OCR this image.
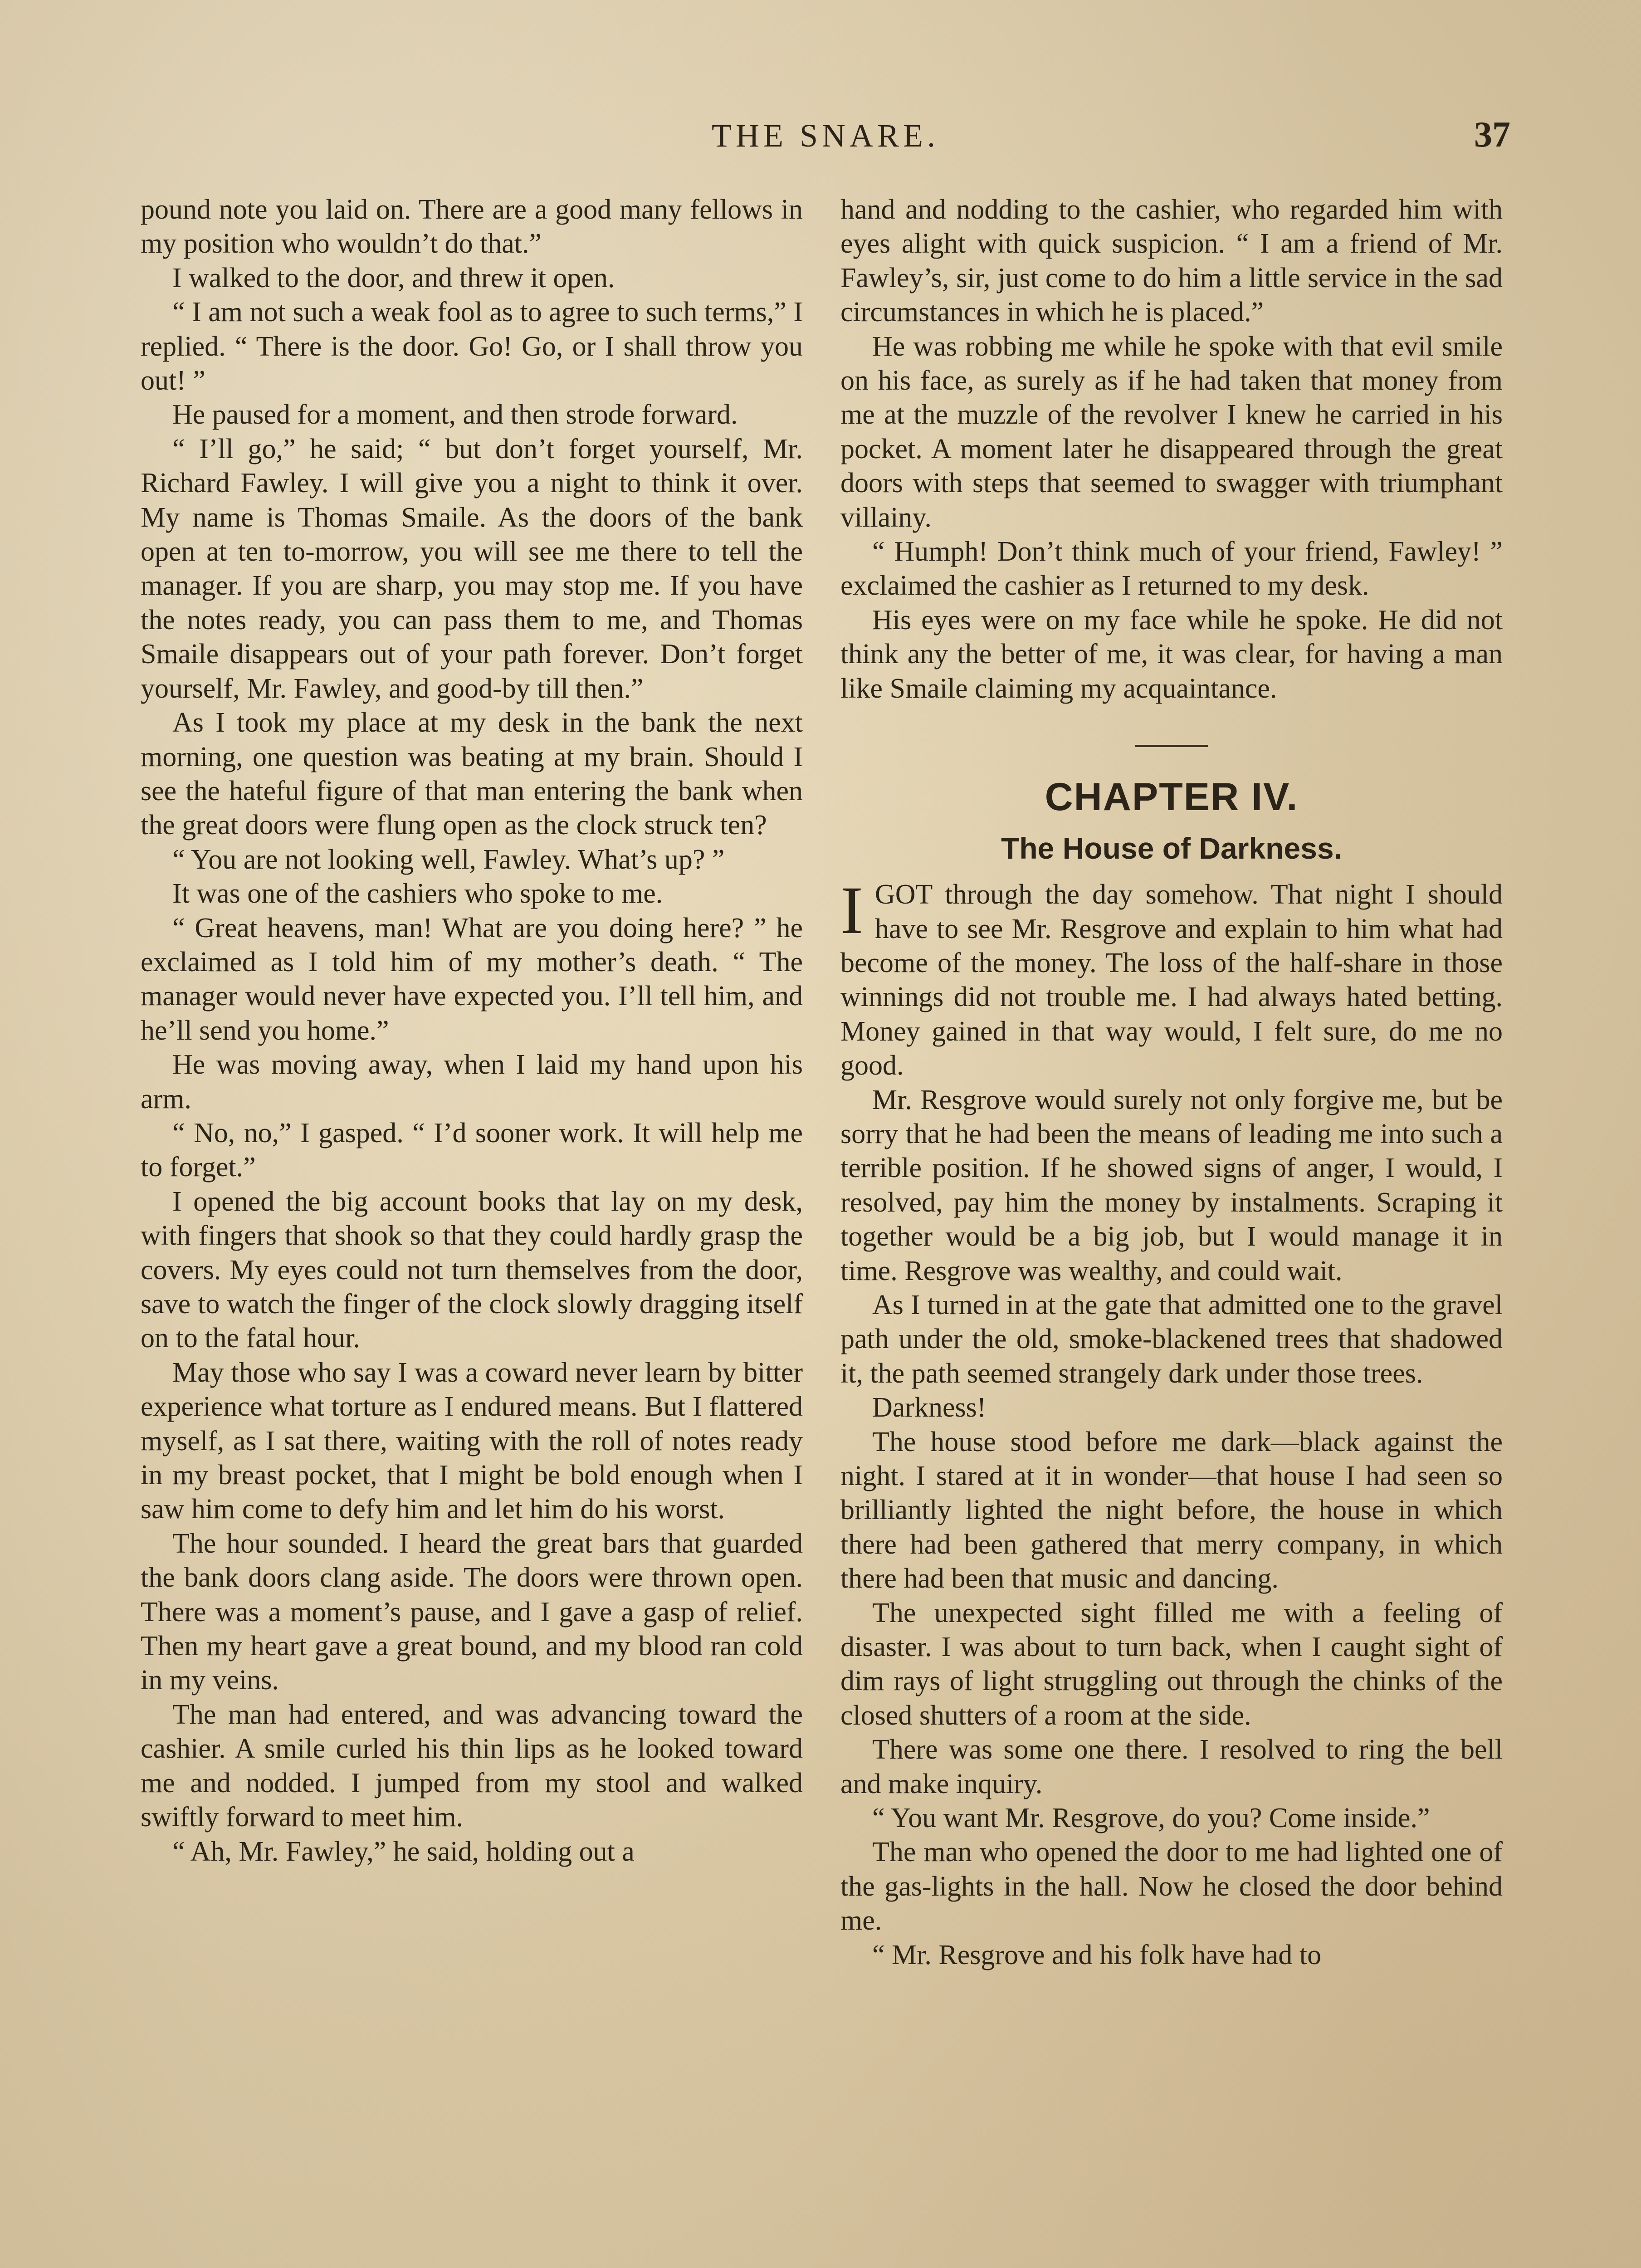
THE SNARE.	37

pound note you laid on. There are a good many fellows in my position who wouldn’t do that.”

I walked to the door, and threw it open.

“ I am not such a weak fool as to agree to such terms,” I replied. “ There is the door. Go! Go, or I shall throw you out! ”

He paused for a moment, and then strode forward.

“ I’ll go,” he said; “ but don’t forget yourself, Mr. Richard Fawley. I will give you a night to think it over. My name is Thomas Smaile. As the doors of the bank open at ten to-morrow, you will see me there to tell the manager. If you are sharp, you may stop me. If you have the notes ready, you can pass them to me, and Thomas Smaile disappears out of your path forever. Don’t forget yourself, Mr. Fawley, and good-by till then.”

As I took my place at my desk in the bank the next morning, one question was beating at my brain. Should I see the hateful figure of that man entering the bank when the great doors were flung open as the clock struck ten?

“ You are not looking well, Fawley. What’s up? ”

It was one of the cashiers who spoke to me.

“ Great heavens, man! What are you doing here? ” he exclaimed as I told him of my mother’s death. “ The manager would never have expected you. I’ll tell him, and he’ll send you home.”

He was moving away, when I laid my hand upon his arm.

“ No, no,” I gasped. “ I’d sooner work. It will help me to forget.”

I opened the big account books that lay on my desk, with fingers that shook so that they could hardly grasp the covers. My eyes could not turn themselves from the door, save to watch the finger of the clock slowly dragging itself on to the fatal hour.

May those who say I was a coward never learn by bitter experience what torture as I endured means. But I flattered myself, as I sat there, waiting with the roll of notes ready in my breast pocket, that I might be bold enough when I saw him come to defy him and let him do his worst.

The hour sounded. I heard the great bars that guarded the bank doors clang aside. The doors were thrown open. There was a moment’s pause, and I gave a gasp of relief. Then my heart gave a great bound, and my blood ran cold in my veins.

The man had entered, and was advancing toward the cashier. A smile curled his thin lips as he looked toward me and nodded. I jumped from my stool and walked swiftly forward to meet him.

“ Ah, Mr. Fawley,” he said, holding out a

hand and nodding to the cashier, who regarded him with eyes alight with quick suspicion. “ I am a friend of Mr. Fawley’s, sir, just come to do him a little service in the sad circumstances in which he is placed.”

He was robbing me while he spoke with that evil smile on his face, as surely as if he had taken that money from me at the muzzle of the revolver I knew he carried in his pocket. A moment later he disappeared through the great doors with steps that seemed to swagger with triumphant villainy.

“ Humph! Don’t think much of your friend, Fawley! ” exclaimed the cashier as I returned to my desk.

His eyes were on my face while he spoke. He did not think any the better of me, it was clear, for having a man like Smaile claiming my acquaintance.

CHAPTER IV.
The House of Darkness.

IGOT through the day somehow. That night I should have to see Mr. Resgrove and explain to him what had become of the money. The loss of the half-share in those winnings did not trouble me. I had always hated betting. Money gained in that way would, I felt sure, do me no good.

Mr. Resgrove would surely not only forgive me, but be sorry that he had been the means of leading me into such a terrible position. If he showed signs of anger, I would, I resolved, pay him the money by instalments. Scraping it together would be a big job, but I would manage it in time. Resgrove was wealthy, and could wait.

As I turned in at the gate that admitted one to the gravel path under the old, smoke-blackened trees that shadowed it, the path seemed strangely dark under those trees.

Darkness!

The house stood before me dark—black against the night. I stared at it in wonder—that house I had seen so brilliantly lighted the night before, the house in which there had been gathered that merry company, in which there had been that music and dancing.

The unexpected sight filled me with a feeling of disaster. I was about to turn back, when I caught sight of dim rays of light struggling out through the chinks of the closed shutters of a room at the side.

There was some one there. I resolved to ring the bell and make inquiry.

“ You want Mr. Resgrove, do you? Come inside.”

The man who opened the door to me had lighted one of the gas-lights in the hall. Now he closed the door behind me.

“ Mr. Resgrove and his folk have had to
